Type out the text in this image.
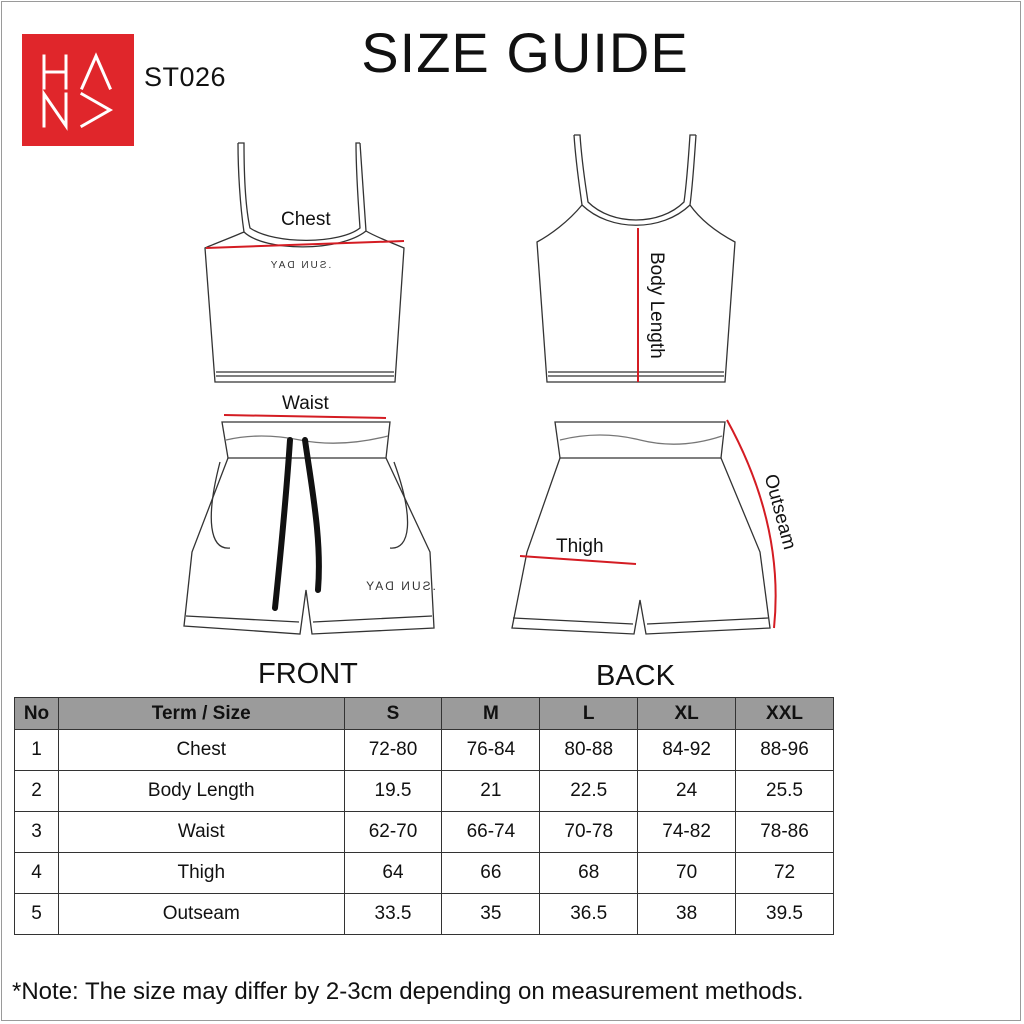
ST026	SIZE GUIDE
.SUN DAY
.SUN DAY
Chest
Waist
Thigh
Body Length
Outseam
FRONT	BACK
No	Term / Size	S	M	L	XL	XXL
1	Chest	72-80	76-84	80-88	84-92	88-96
2	Body Length	19.5	21	22.5	24	25.5
3	Waist	62-70	66-74	70-78	74-82	78-86
4	Thigh	64	66	68	70	72
5	Outseam	33.5	35	36.5	38	39.5
*Note: The size may differ by 2-3cm depending on measurement methods.
